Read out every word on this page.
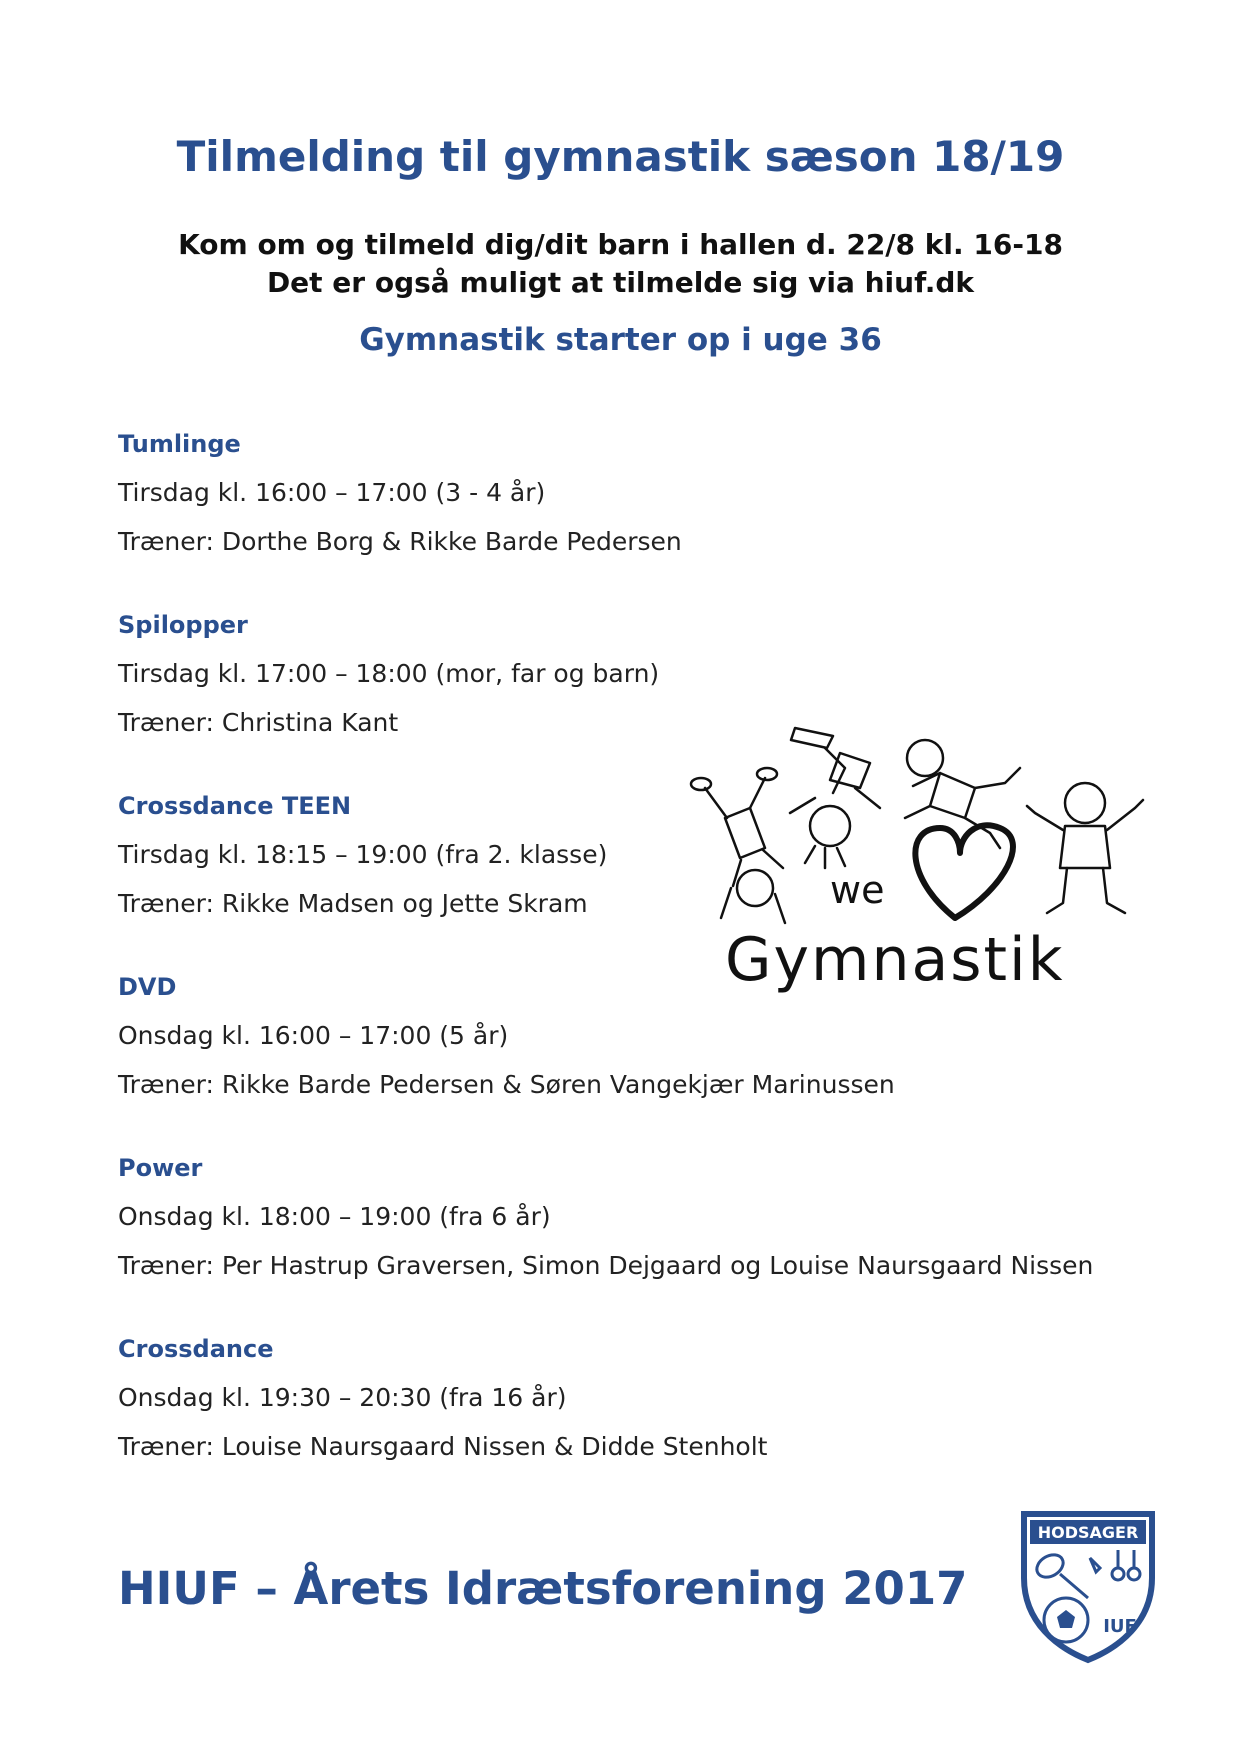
Tilmelding til gymnastik sæson 18/19
Kom om og tilmeld dig/dit barn i hallen d. 22/8 kl. 16-18
Det er også muligt at tilmelde sig via hiuf.dk
Gymnastik starter op i uge 36
Tumlinge
Tirsdag kl. 16:00 – 17:00 (3 - 4 år)
Træner: Dorthe Borg & Rikke Barde Pedersen
Spilopper
Tirsdag kl. 17:00 – 18:00 (mor, far og barn)
Træner: Christina Kant
Crossdance TEEN
Tirsdag kl. 18:15 – 19:00 (fra 2. klasse)
Træner: Rikke Madsen og Jette Skram
DVD
Onsdag kl. 16:00 – 17:00 (5 år)
Træner: Rikke Barde Pedersen & Søren Vangekjær Marinussen
Power
Onsdag kl. 18:00 – 19:00 (fra 6 år)
Træner: Per Hastrup Graversen, Simon Dejgaard og Louise Naursgaard Nissen
Crossdance
Onsdag kl. 19:30 – 20:30 (fra 16 år)
Træner: Louise Naursgaard Nissen & Didde Stenholt
we
Gymnastik
HIUF – Årets Idrætsforening 2017
HODSAGER
IUF
